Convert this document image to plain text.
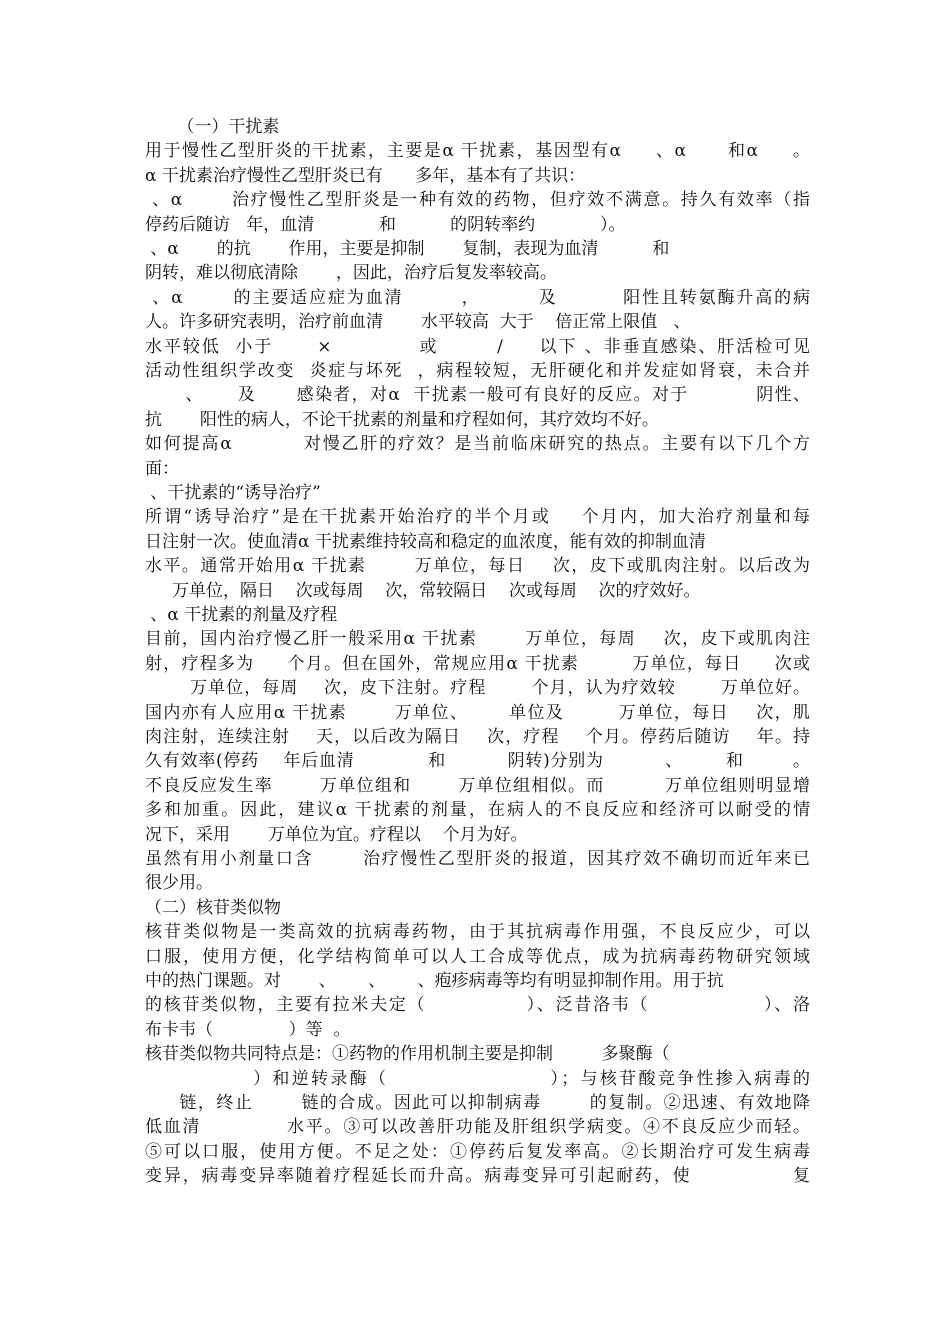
（一）干扰素
用于慢性乙型肝炎的干扰素，主要是α 干扰素，基因型有α     、α      和α     。
α 干扰素治疗慢性乙型肝炎已有      多年，基本有了共识：
、α       治疗慢性乙型肝炎是一种有效的药物，但疗效不满意。持久有效率（指
停药后随访   年，血清            和          的阴转率约            ）。
、α       的抗       作用，主要是抑制       复制，表现为血清          和
阴转，难以彻底清除       ，因此，治疗后复发率较高。
、α       的主要适应症为血清        ，        及         阳性且转氨酶升高的病
人。许多研究表明，治疗前血清       水平较高  大于    倍正常上限值   、
水平较低  小于      ×            或        /     以下 、非垂直感染、肝活检可见
活动性组织学改变  炎症与坏死  ，病程较短，无肝硬化和并发症如肾衰，未合并
、     及      感染者，对α  干扰素一般可有良好的反应。对于          阴性、
抗       阳性的病人，不论干扰素的剂量和疗程如何，其疗效均不好。
如何提高α          对慢乙肝的疗效？是当前临床研究的热点。主要有以下几个方
面：
、干扰素的“诱导治疗”
所谓“诱导治疗”是在干扰素开始治疗的半个月或    个月内，加大治疗剂量和每
日注射一次。使血清α 干扰素维持较高和稳定的血浓度，能有效的抑制血清
水平。通常开始用α 干扰素       万单位，每日    次，皮下或肌肉注射。以后改为
万单位，隔日    次或每周    次，常较隔日    次或每周    次的疗效好。
、α 干扰素的剂量及疗程
目前，国内治疗慢乙肝一般采用α 干扰素       万单位，每周    次，皮下或肌肉注
射，疗程多为     个月。但在国外，常规应用α 干扰素        万单位，每日     次或
万单位，每周    次，皮下注射。疗程       个月，认为疗效较       万单位好。
国内亦有人应用α 干扰素       万单位、      单位及        万单位，每日    次，肌
肉注射，连续注射    天，以后改为隔日    次，疗程    个月。停药后随访    年。持
久有效率(停药    年后血清            和          阴转)分别为          、       和        。
不良反应发生率       万单位组和       万单位组相似。而         万单位组则明显增
多和加重。因此，建议α 干扰素的剂量，在病人的不良反应和经济可以耐受的情
况下，采用       万单位为宜。疗程以    个月为好。
虽然有用小剂量口含       治疗慢性乙型肝炎的报道，因其疗效不确切而近年来已
很少用。
（二）核苷类似物
核苷类似物是一类高效的抗病毒药物，由于其抗病毒作用强，不良反应少，可以
口服，使用方便，化学结构简单可以人工合成等优点，成为抗病毒药物研究领域
中的热门课题。对       、      、      、疱疹病毒等均有明显抑制作用。用于抗
的核苷类似物，主要有拉米夫定（              ）、泛昔洛韦（                ）、洛
布卡韦（              ）等  。
核苷类似物共同特点是：①药物的作用机制主要是抑制         多聚酶（
）和逆转录酶（                     ）；与核苷酸竞争性掺入病毒的
链，终止       链的合成。因此可以抑制病毒       的复制。②迅速、有效地降
低血清            水平。③可以改善肝功能及肝组织学病变。④不良反应少而轻。
⑤可以口服，使用方便。不足之处：①停药后复发率高。②长期治疗可发生病毒
变异，病毒变异率随着疗程延长而升高。病毒变异可引起耐药，使              复
